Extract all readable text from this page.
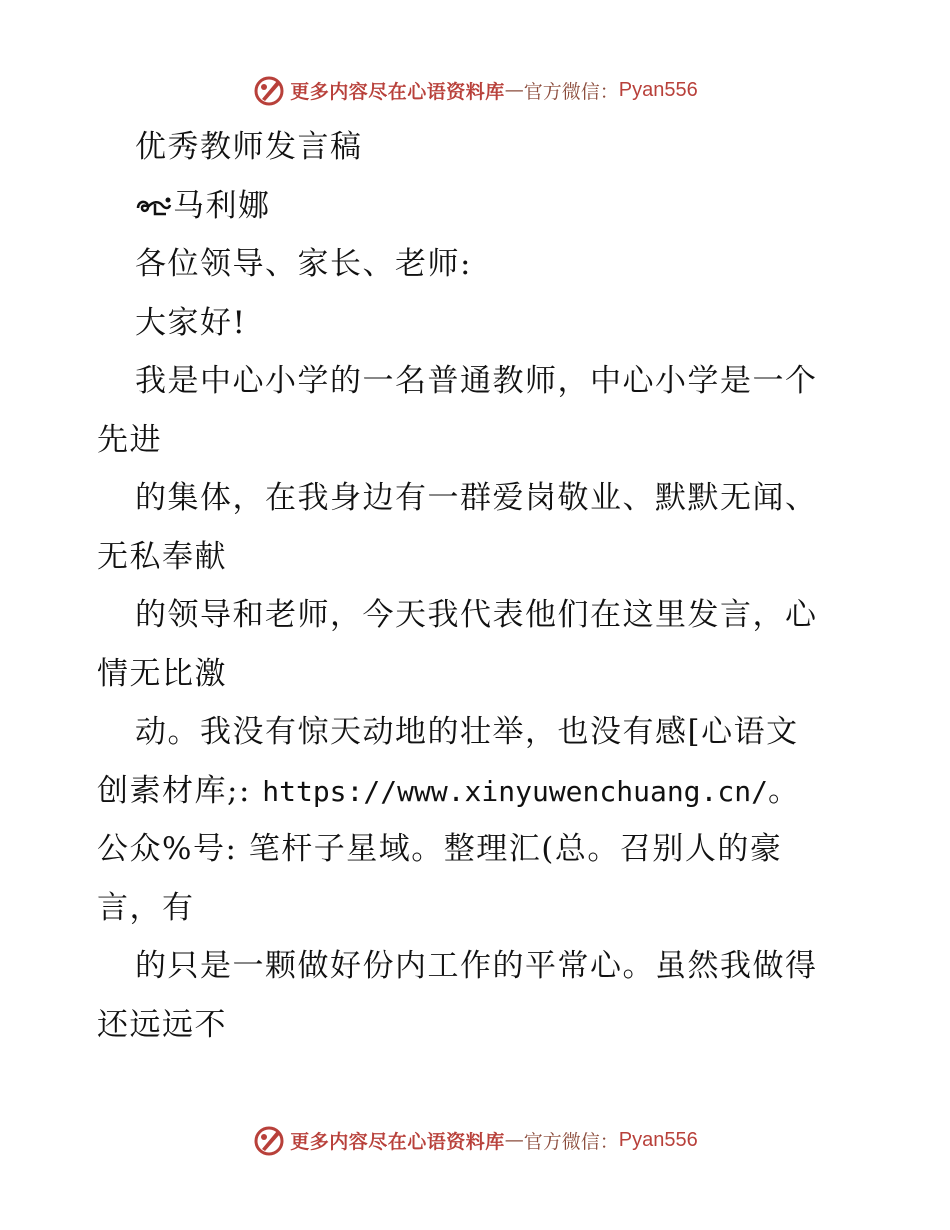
更多内容尽在心语资料库 — 官方微信： Pyan556
优秀教师发言稿
马利娜
各位领导、家长、老师:
大家好!
我是中心小学的一名普通教师，中心小学是一个
先进
的集体，在我身边有一群爱岗敬业、默默无闻、
无私奉献
的领导和老师，今天我代表他们在这里发言，心
情无比激
动。我没有惊天动地的壮举，也没有感[心语文
创素材库;: https://www.xinyuwenchuang.cn/。
公众%号: 笔杆子星域。整理汇(总。召别人的豪
言，有
的只是一颗做好份内工作的平常心。虽然我做得
还远远不
更多内容尽在心语资料库 — 官方微信： Pyan556
